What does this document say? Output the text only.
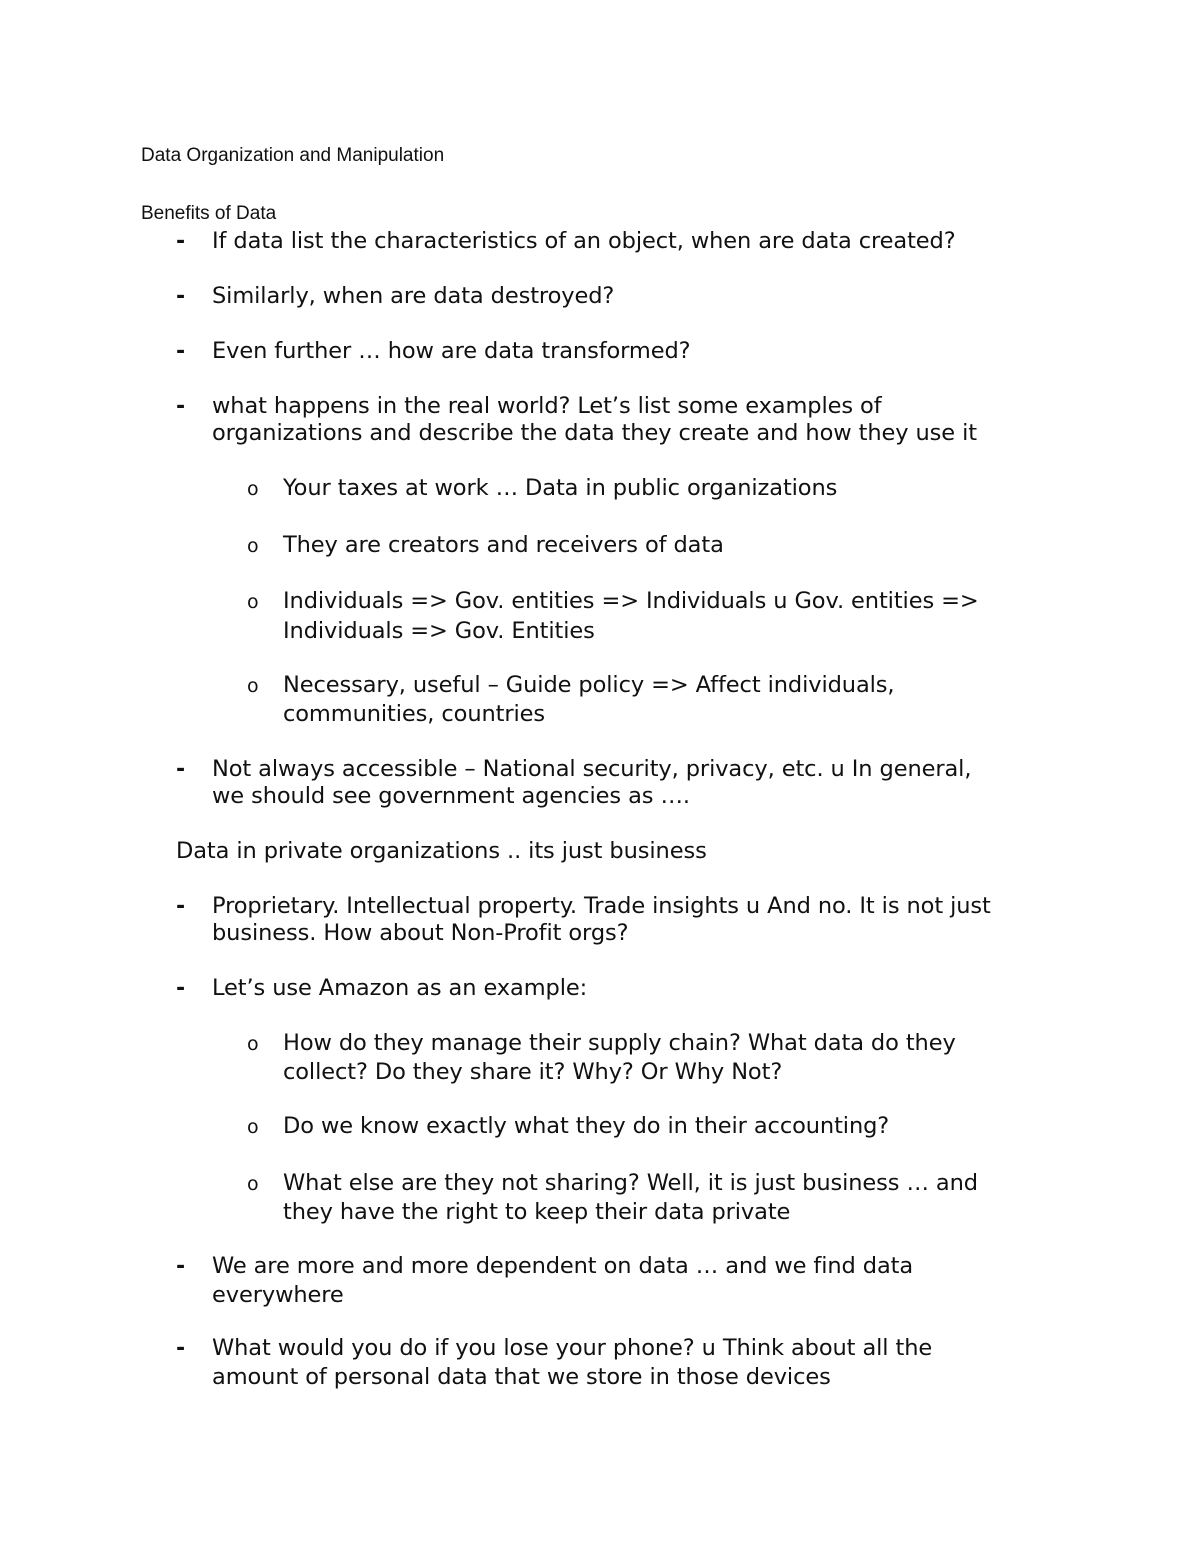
Data Organization and Manipulation

Benefits of Data

- If data list the characteristics of an object, when are data created?

- Similarly, when are data destroyed?

- Even further … how are data transformed?

- what happens in the real world? Let’s list some examples of

organizations and describe the data they create and how they use it

o Your taxes at work … Data in public organizations

o They are creators and receivers of data

o Individuals => Gov. entities => Individuals u Gov. entities =>

Individuals => Gov. Entities

o Necessary, useful – Guide policy => Affect individuals,

communities, countries

- Not always accessible – National security, privacy, etc. u In general,

we should see government agencies as ….

Data in private organizations .. its just business

- Proprietary. Intellectual property. Trade insights u And no. It is not just

business. How about Non-Profit orgs?

- Let’s use Amazon as an example:

o How do they manage their supply chain? What data do they

collect? Do they share it? Why? Or Why Not?

o Do we know exactly what they do in their accounting?

o What else are they not sharing? Well, it is just business … and

they have the right to keep their data private

- We are more and more dependent on data … and we find data

everywhere

- What would you do if you lose your phone? u Think about all the

amount of personal data that we store in those devices
